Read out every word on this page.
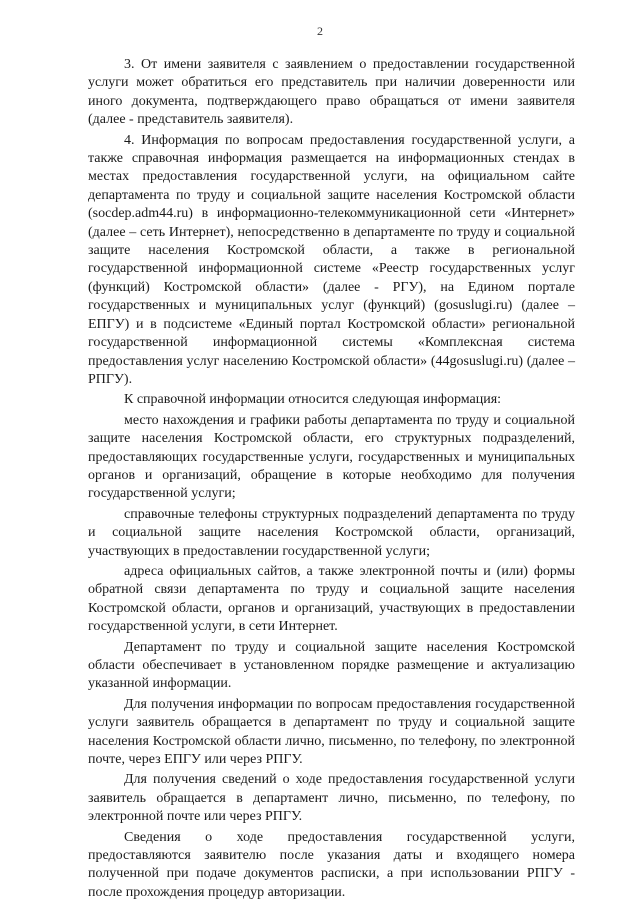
2

3. От имени заявителя с заявлением о предоставлении государственной услуги может обратиться его представитель при наличии доверенности или иного документа, подтверждающего право обращаться от имени заявителя (далее - представитель заявителя).

4. Информация по вопросам предоставления государственной услуги, а также справочная информация размещается на информационных стендах в местах предоставления государственной услуги, на официальном сайте департамента по труду и социальной защите населения Костромской области (socdep.adm44.ru) в информационно-телекоммуникационной сети «Интернет» (далее – сеть Интернет), непосредственно в департаменте по труду и социальной защите населения Костромской области, а также в региональной государственной информационной системе «Реестр государственных услуг (функций) Костромской области» (далее - РГУ), на Едином портале государственных и муниципальных услуг (функций) (gosuslugi.ru) (далее – ЕПГУ) и в подсистеме «Единый портал Костромской области» региональной государственной информационной системы «Комплексная система предоставления услуг населению Костромской области» (44gosuslugi.ru) (далее – РПГУ).

К справочной информации относится следующая информация:

место нахождения и графики работы департамента по труду и социальной защите населения Костромской области, его структурных подразделений, предоставляющих государственные услуги, государственных и муниципальных органов и организаций, обращение в которые необходимо для получения государственной услуги;

справочные телефоны структурных подразделений департамента по труду и социальной защите населения Костромской области, организаций, участвующих в предоставлении государственной услуги;

адреса официальных сайтов, а также электронной почты и (или) формы обратной связи департамента по труду и социальной защите населения Костромской области, органов и организаций, участвующих в предоставлении государственной услуги, в сети Интернет.

Департамент по труду и социальной защите населения Костромской области обеспечивает в установленном порядке размещение и актуализацию указанной информации.

Для получения информации по вопросам предоставления государственной услуги заявитель обращается в департамент по труду и социальной защите населения Костромской области лично, письменно, по телефону, по электронной почте, через ЕПГУ или через РПГУ.

Для получения сведений о ходе предоставления государственной услуги заявитель обращается в департамент лично, письменно, по телефону, по электронной почте или через РПГУ.

Сведения о ходе предоставления государственной услуги, предоставляются заявителю после указания даты и входящего номера полученной при подаче документов расписки, а при использовании РПГУ - после прохождения процедур авторизации.
